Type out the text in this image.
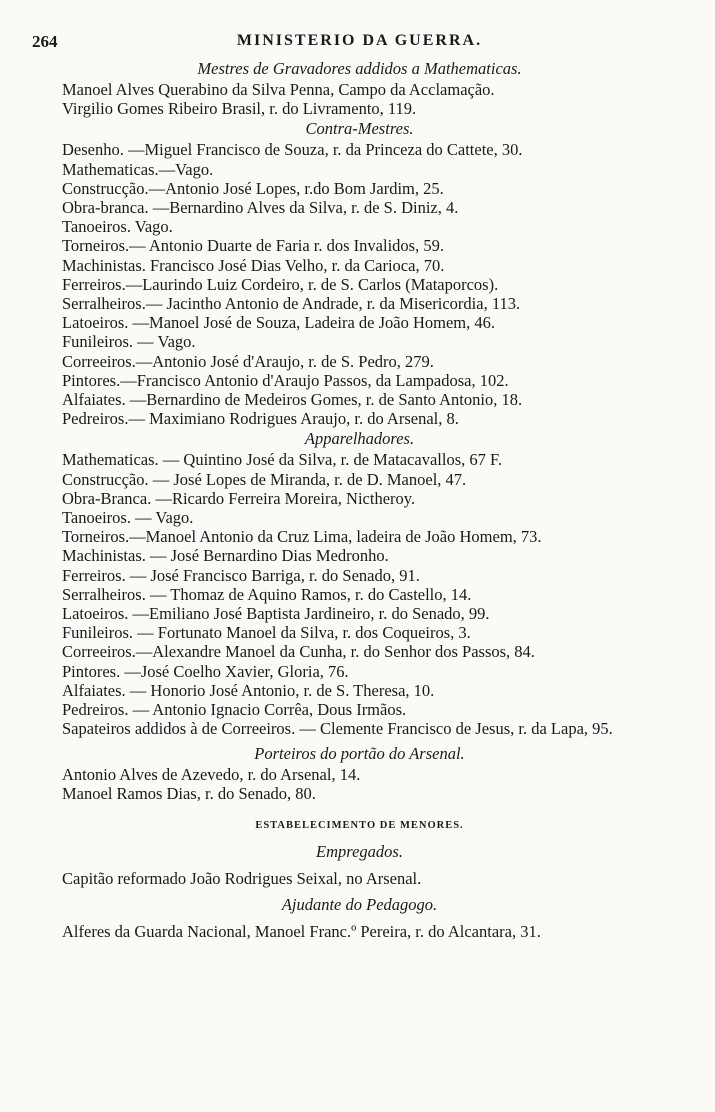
264	MINISTERIO DA GUERRA.

Mestres de Gravadores addidos a Mathematicas.

Manoel Alves Querabino da Silva Penna, Campo da Acclamação.
Virgilio Gomes Ribeiro Brasil, r. do Livramento, 119.

Contra-Mestres.

Desenho. —Miguel Francisco de Souza, r. da Princeza do Cattete, 30.
Mathematicas.—Vago.
Construcção.—Antonio José Lopes, r.do Bom Jardim, 25.
Obra-branca. —Bernardino Alves da Silva, r. de S. Diniz, 4.
Tanoeiros. Vago.
Torneiros.— Antonio Duarte de Faria r. dos Invalidos, 59.
Machinistas. Francisco José Dias Velho, r. da Carioca, 70.
Ferreiros.—Laurindo Luiz Cordeiro, r. de S. Carlos (Mataporcos).
Serralheiros.— Jacintho Antonio de Andrade, r. da Misericordia, 113.
Latoeiros. —Manoel José de Souza, Ladeira de João Homem, 46.
Funileiros. — Vago.
Correeiros.—Antonio José d'Araujo, r. de S. Pedro, 279.
Pintores.—Francisco Antonio d'Araujo Passos, da Lampadosa, 102.
Alfaiates. —Bernardino de Medeiros Gomes, r. de Santo Antonio, 18.
Pedreiros.— Maximiano Rodrigues Araujo, r. do Arsenal, 8.

Apparelhadores.

Mathematicas. — Quintino José da Silva, r. de Matacavallos, 67 F.
Construcção. — José Lopes de Miranda, r. de D. Manoel, 47.
Obra-Branca. —Ricardo Ferreira Moreira, Nictheroy.
Tanoeiros. — Vago.
Torneiros.—Manoel Antonio da Cruz Lima, ladeira de João Homem, 73.
Machinistas. — José Bernardino Dias Medronho.
Ferreiros. — José Francisco Barriga, r. do Senado, 91.
Serralheiros. — Thomaz de Aquino Ramos, r. do Castello, 14.
Latoeiros. —Emiliano José Baptista Jardineiro, r. do Senado, 99.
Funileiros. — Fortunato Manoel da Silva, r. dos Coqueiros, 3.
Correeiros.—Alexandre Manoel da Cunha, r. do Senhor dos Passos, 84.
Pintores. —José Coelho Xavier, Gloria, 76.
Alfaiates. — Honorio José Antonio, r. de S. Theresa, 10.
Pedreiros. — Antonio Ignacio Corrêa, Dous Irmãos.
Sapateiros addidos à de Correeiros. — Clemente Francisco de Jesus, r. da Lapa, 95.

Porteiros do portão do Arsenal.

Antonio Alves de Azevedo, r. do Arsenal, 14.
Manoel Ramos Dias, r. do Senado, 80.

ESTABELECIMENTO DE MENORES.

Empregados.

Capitão reformado João Rodrigues Seixal, no Arsenal.

Ajudante do Pedagogo.

Alferes da Guarda Nacional, Manoel Franc.º Pereira, r. do Alcantara, 31.
